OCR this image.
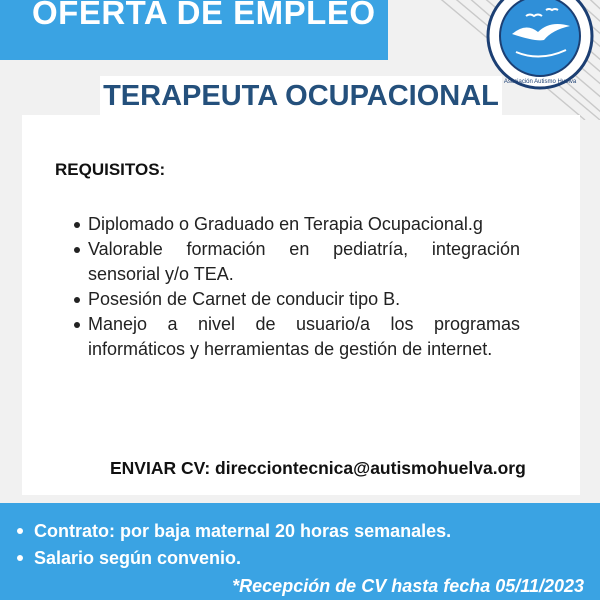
OFERTA DE EMPLEO
Asociación Autismo Huelva
TERAPEUTA OCUPACIONAL
REQUISITOS:
Diplomado o Graduado en Terapia Ocupacional.g
Valorable formación en pediatría, integración sensorial y/o TEA.
Posesión de Carnet de conducir tipo B.
Manejo a nivel de usuario/a los programas informáticos y herramientas de gestión de internet.
ENVIAR CV: direcciontecnica@autismohuelva.org
Contrato: por baja maternal 20 horas semanales.
Salario según convenio.
*Recepción de CV hasta fecha 05/11/2023
